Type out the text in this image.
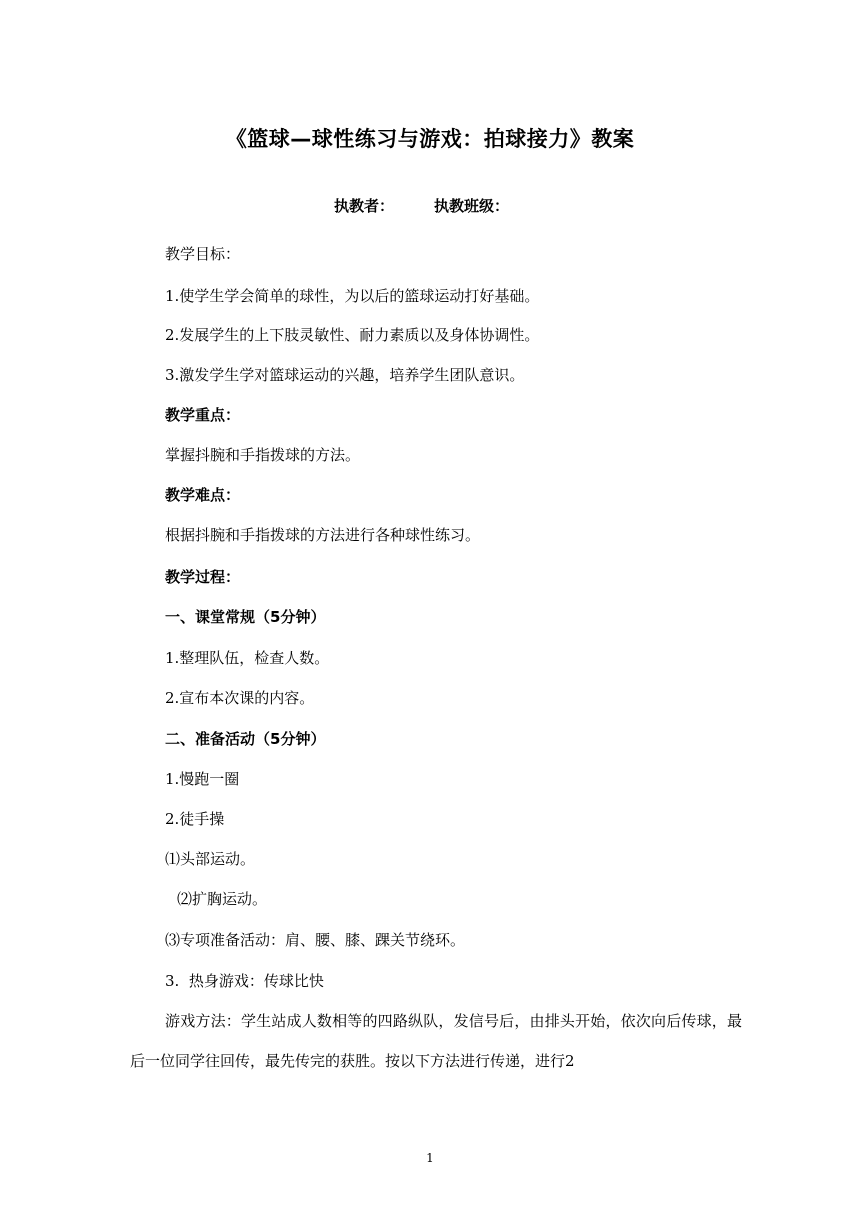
《篮球—球性练习与游戏：拍球接力》教案
执教者：	执教班级：
教学目标：
1.使学生学会简单的球性，为以后的篮球运动打好基础。
2.发展学生的上下肢灵敏性、耐力素质以及身体协调性。
3.激发学生学对篮球运动的兴趣，培养学生团队意识。
教学重点：
掌握抖腕和手指拨球的方法。
教学难点：
根据抖腕和手指拨球的方法进行各种球性练习。
教学过程：
一、课堂常规（5分钟）
1.整理队伍，检查人数。
2.宣布本次课的内容。
二、准备活动（5分钟）
1.慢跑一圈
2.徒手操
⑴头部运动。
⑵扩胸运动。
⑶专项准备活动：肩、腰、膝、踝关节绕环。
3.  热身游戏：传球比快
游戏方法：学生站成人数相等的四路纵队，发信号后，由排头开始，依次向后传球，最后一位同学往回传，最先传完的获胜。按以下方法进行传递，进行2
1
